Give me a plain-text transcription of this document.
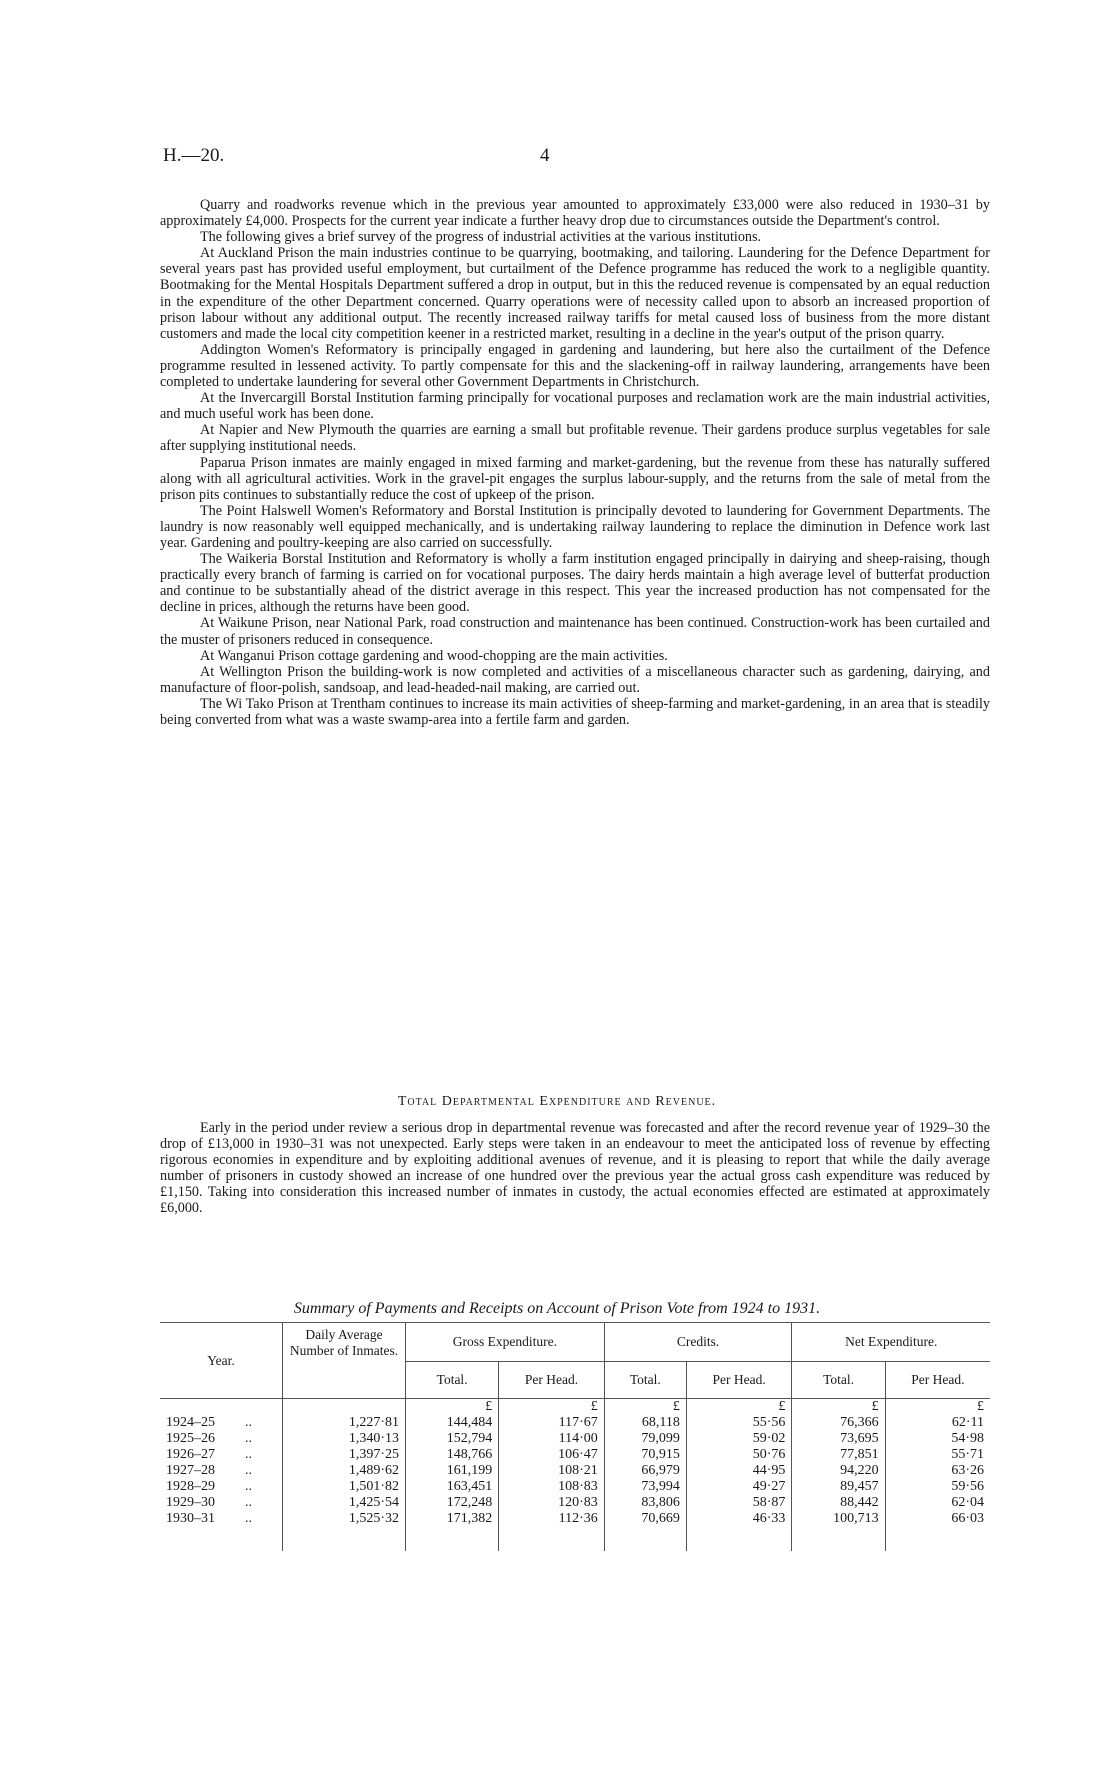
H.—20.	4

Quarry and roadworks revenue which in the previous year amounted to approximately £33,000 were also reduced in 1930–31 by approximately £4,000. Prospects for the current year indicate a further heavy drop due to circumstances outside the Department's control.

The following gives a brief survey of the progress of industrial activities at the various institutions.

At Auckland Prison the main industries continue to be quarrying, bootmaking, and tailoring. Laundering for the Defence Department for several years past has provided useful employment, but curtailment of the Defence programme has reduced the work to a negligible quantity. Bootmaking for the Mental Hospitals Department suffered a drop in output, but in this the reduced revenue is compensated by an equal reduction in the expenditure of the other Department concerned. Quarry operations were of necessity called upon to absorb an increased proportion of prison labour without any additional output. The recently increased railway tariffs for metal caused loss of business from the more distant customers and made the local city competition keener in a restricted market, resulting in a decline in the year's output of the prison quarry.

Addington Women's Reformatory is principally engaged in gardening and laundering, but here also the curtailment of the Defence programme resulted in lessened activity. To partly compensate for this and the slackening-off in railway laundering, arrangements have been completed to undertake laundering for several other Government Departments in Christchurch.

At the Invercargill Borstal Institution farming principally for vocational purposes and reclamation work are the main industrial activities, and much useful work has been done.

At Napier and New Plymouth the quarries are earning a small but profitable revenue. Their gardens produce surplus vegetables for sale after supplying institutional needs.

Paparua Prison inmates are mainly engaged in mixed farming and market-gardening, but the revenue from these has naturally suffered along with all agricultural activities. Work in the gravel-pit engages the surplus labour-supply, and the returns from the sale of metal from the prison pits continues to substantially reduce the cost of upkeep of the prison.

The Point Halswell Women's Reformatory and Borstal Institution is principally devoted to laundering for Government Departments. The laundry is now reasonably well equipped mechanically, and is undertaking railway laundering to replace the diminution in Defence work last year. Gardening and poultry-keeping are also carried on successfully.

The Waikeria Borstal Institution and Reformatory is wholly a farm institution engaged principally in dairying and sheep-raising, though practically every branch of farming is carried on for vocational purposes. The dairy herds maintain a high average level of butterfat production and continue to be substantially ahead of the district average in this respect. This year the increased production has not compensated for the decline in prices, although the returns have been good.

At Waikune Prison, near National Park, road construction and maintenance has been continued. Construction-work has been curtailed and the muster of prisoners reduced in consequence.

At Wanganui Prison cottage gardening and wood-chopping are the main activities.

At Wellington Prison the building-work is now completed and activities of a miscellaneous character such as gardening, dairying, and manufacture of floor-polish, sandsoap, and lead-headed-nail making, are carried out.

The Wi Tako Prison at Trentham continues to increase its main activities of sheep-farming and market-gardening, in an area that is steadily being converted from what was a waste swamp-area into a fertile farm and garden.

Total Departmental Expenditure and Revenue.

Early in the period under review a serious drop in departmental revenue was forecasted and after the record revenue year of 1929–30 the drop of £13,000 in 1930–31 was not unexpected. Early steps were taken in an endeavour to meet the anticipated loss of revenue by effecting rigorous economies in expenditure and by exploiting additional avenues of revenue, and it is pleasing to report that while the daily average number of prisoners in custody showed an increase of one hundred over the previous year the actual gross cash expenditure was reduced by £1,150. Taking into consideration this increased number of inmates in custody, the actual economies effected are estimated at approximately £6,000.

Summary of Payments and Receipts on Account of Prison Vote from 1924 to 1931.
Year.	Daily Average Number of Inmates.	Gross Expenditure.		Credits.		Net Expenditure.	
		Total.	Per Head.	Total.	Per Head.	Total.	Per Head.
		£	£	£	£	£	£
1924–25 ..	1,227·81	144,484	117·67	68,118	55·56	76,366	62·11
1925–26 ..	1,340·13	152,794	114·00	79,099	59·02	73,695	54·98
1926–27 ..	1,397·25	148,766	106·47	70,915	50·76	77,851	55·71
1927–28 ..	1,489·62	161,199	108·21	66,979	44·95	94,220	63·26
1928–29 ..	1,501·82	163,451	108·83	73,994	49·27	89,457	59·56
1929–30 ..	1,425·54	172,248	120·83	83,806	58·87	88,442	62·04
1930–31 ..	1,525·32	171,382	112·36	70,669	46·33	100,713	66·03
